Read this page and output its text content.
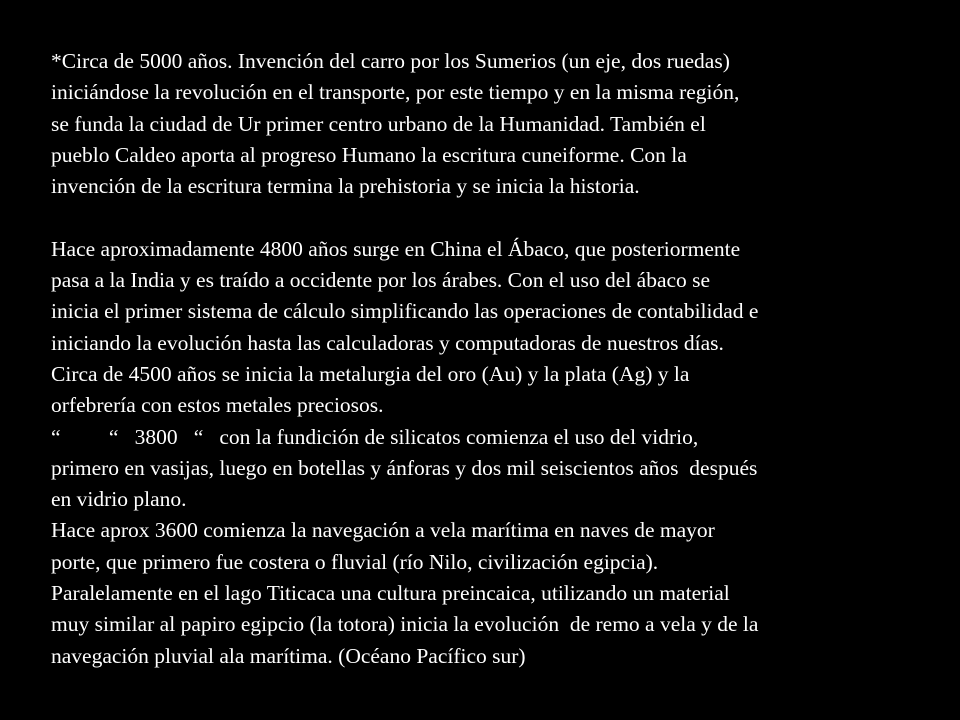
*Circa de 5000 años. Invención del carro por los Sumerios (un eje, dos ruedas)
iniciándose la revolución en el transporte, por este tiempo y en la misma región,
se funda la ciudad de Ur primer centro urbano de la Humanidad. También el
pueblo Caldeo aporta al progreso Humano la escritura cuneiforme. Con la
invención de la escritura termina la prehistoria y se inicia la historia.
Hace aproximadamente 4800 años surge en China el Ábaco, que posteriormente
pasa a la India y es traído a occidente por los árabes. Con el uso del ábaco se
inicia el primer sistema de cálculo simplificando las operaciones de contabilidad e
iniciando la evolución hasta las calculadoras y computadoras de nuestros días.
Circa de 4500 años se inicia la metalurgia del oro (Au) y la plata (Ag) y la
orfebrería con estos metales preciosos.
“         “   3800   “   con la fundición de silicatos comienza el uso del vidrio,
primero en vasijas, luego en botellas y ánforas y dos mil seiscientos años  después
en vidrio plano.
Hace aprox 3600 comienza la navegación a vela marítima en naves de mayor
porte, que primero fue costera o fluvial (río Nilo, civilización egipcia).
Paralelamente en el lago Titicaca una cultura preincaica, utilizando un material
muy similar al papiro egipcio (la totora) inicia la evolución  de remo a vela y de la
navegación pluvial ala marítima. (Océano Pacífico sur)
